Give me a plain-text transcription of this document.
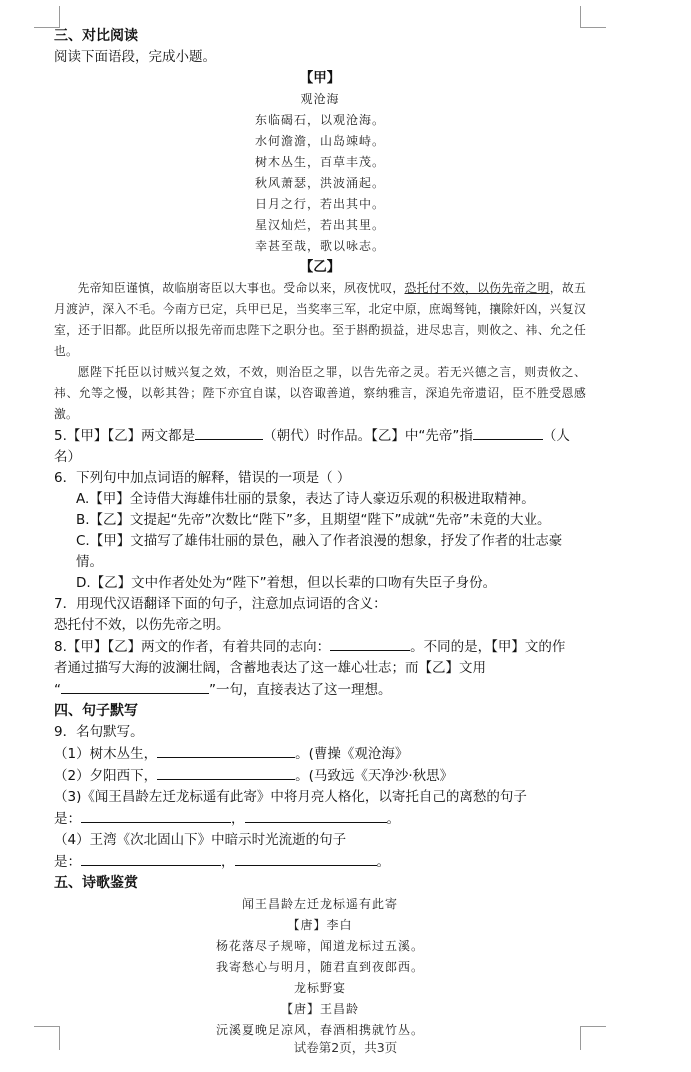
三、对比阅读
阅读下面语段，完成小题。
【甲】
观沧海
东临碣石，以观沧海。
水何澹澹，山岛竦峙。
树木丛生，百草丰茂。
秋风萧瑟，洪波涌起。
日月之行，若出其中。
星汉灿烂，若出其里。
幸甚至哉，歌以咏志。
【乙】
先帝知臣谨慎，故临崩寄臣以大事也。受命以来，夙夜忧叹，恐托付不效，以伤先帝之明，故五月渡泸，深入不毛。今南方已定，兵甲已足，当奖率三军，北定中原，庶竭驽钝，攘除奸凶，兴复汉室，还于旧都。此臣所以报先帝而忠陛下之职分也。至于斟酌损益，进尽忠言，则攸之、祎、允之任也。
愿陛下托臣以讨贼兴复之效，不效，则治臣之罪，以告先帝之灵。若无兴德之言，则责攸之、祎、允等之慢，以彰其咎；陛下亦宜自谋，以咨诹善道，察纳雅言，深追先帝遗诏，臣不胜受恩感激。
5.【甲】【乙】两文都是	（朝代）时作品。【乙】中“先帝”指	（人
名）
6．下列句中加点词语的解释，错误的一项是（ ）
A.【甲】全诗借大海雄伟壮丽的景象，表达了诗人豪迈乐观的积极进取精神。
B.【乙】文提起“先帝”次数比“陛下”多，且期望“陛下”成就“先帝”未竟的大业。
C.【甲】文描写了雄伟壮丽的景色，融入了作者浪漫的想象，抒发了作者的壮志豪
情。
D.【乙】文中作者处处为“陛下”着想，但以长辈的口吻有失臣子身份。
7．用现代汉语翻译下面的句子，注意加点词语的含义：
恐托付不效，以伤先帝之明。
8.【甲】【乙】两文的作者，有着共同的志向：	。不同的是，【甲】文的作
者通过描写大海的波澜壮阔，含蓄地表达了这一雄心壮志；而【乙】文用
“	”一句，直接表达了这一理想。
四、句子默写
9．名句默写。
（1）树木丛生，	。(曹操《观沧海》
（2）夕阳西下，	。(马致远《天净沙·秋思》
（3)《闻王昌龄左迁龙标遥有此寄》中将月亮人格化，以寄托自己的离愁的句子
是：	，	。
（4）王湾《次北固山下》中暗示时光流逝的句子
是：	，	。
五、诗歌鉴赏
闻王昌龄左迁龙标遥有此寄
【唐】李白
杨花落尽子规啼，闻道龙标过五溪。
我寄愁心与明月，随君直到夜郎西。
龙标野宴
【唐】王昌龄
沅溪夏晚足凉风，春酒相携就竹丛。
试卷第2页，共3页
